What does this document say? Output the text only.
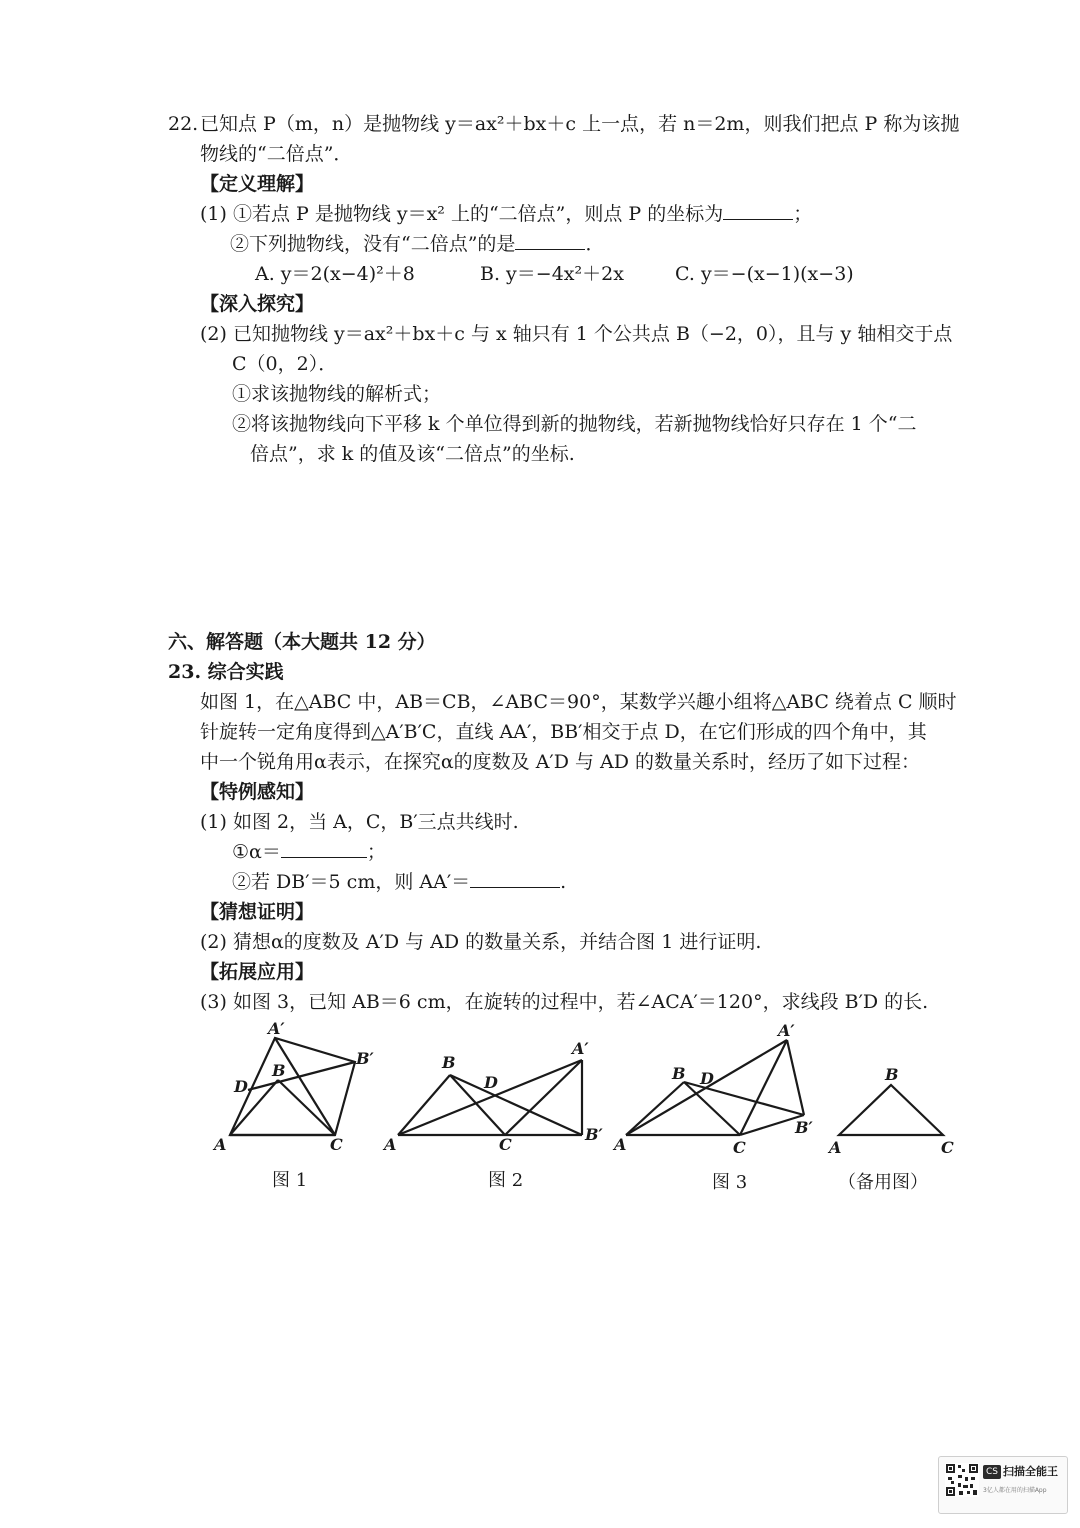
22. 已知点 P（m，n）是抛物线 y＝ax²＋bx＋c 上一点，若 n＝2m，则我们把点 P 称为该抛
物线的“二倍点”．
【定义理解】
(1) ①若点 P 是抛物线 y＝x² 上的“二倍点”，则点 P 的坐标为	；
②下列抛物线，没有“二倍点”的是	．
A. y＝2(x−4)²＋8	B. y＝−4x²＋2x	C. y＝−(x−1)(x−3)
【深入探究】
(2) 已知抛物线 y＝ax²＋bx＋c 与 x 轴只有 1 个公共点 B（−2，0），且与 y 轴相交于点
C（0，2）．
①求该抛物线的解析式；
②将该抛物线向下平移 k 个单位得到新的抛物线，若新抛物线恰好只存在 1 个“二
倍点”，求 k 的值及该“二倍点”的坐标.
六、解答题（本大题共 12 分）
23. 综合实践
如图 1，在△ABC 中，AB＝CB，∠ABC＝90°，某数学兴趣小组将△ABC 绕着点 C 顺时
针旋转一定角度得到△A′B′C，直线 AA′，BB′相交于点 D，在它们形成的四个角中，其
中一个锐角用α表示，在探究α的度数及 A′D 与 AD 的数量关系时，经历了如下过程：
【特例感知】
(1) 如图 2，当 A，C，B′三点共线时.
①α＝	；
②若 DB′＝5 cm，则 AA′＝	.
【猜想证明】
(2) 猜想α的度数及 A′D 与 AD 的数量关系，并结合图 1 进行证明.
【拓展应用】
(3) 如图 3，已知 AB＝6 cm，在旋转的过程中，若∠ACA′＝120°，求线段 B′D 的长.
A′
B′
B
D
A	C
B
D
A′
A	C
B′
A′
B D
A	C
B′
B
A	C
图 1	图 2	图 3	（备用图）
CS 扫描全能王
3亿人都在用的扫描App
